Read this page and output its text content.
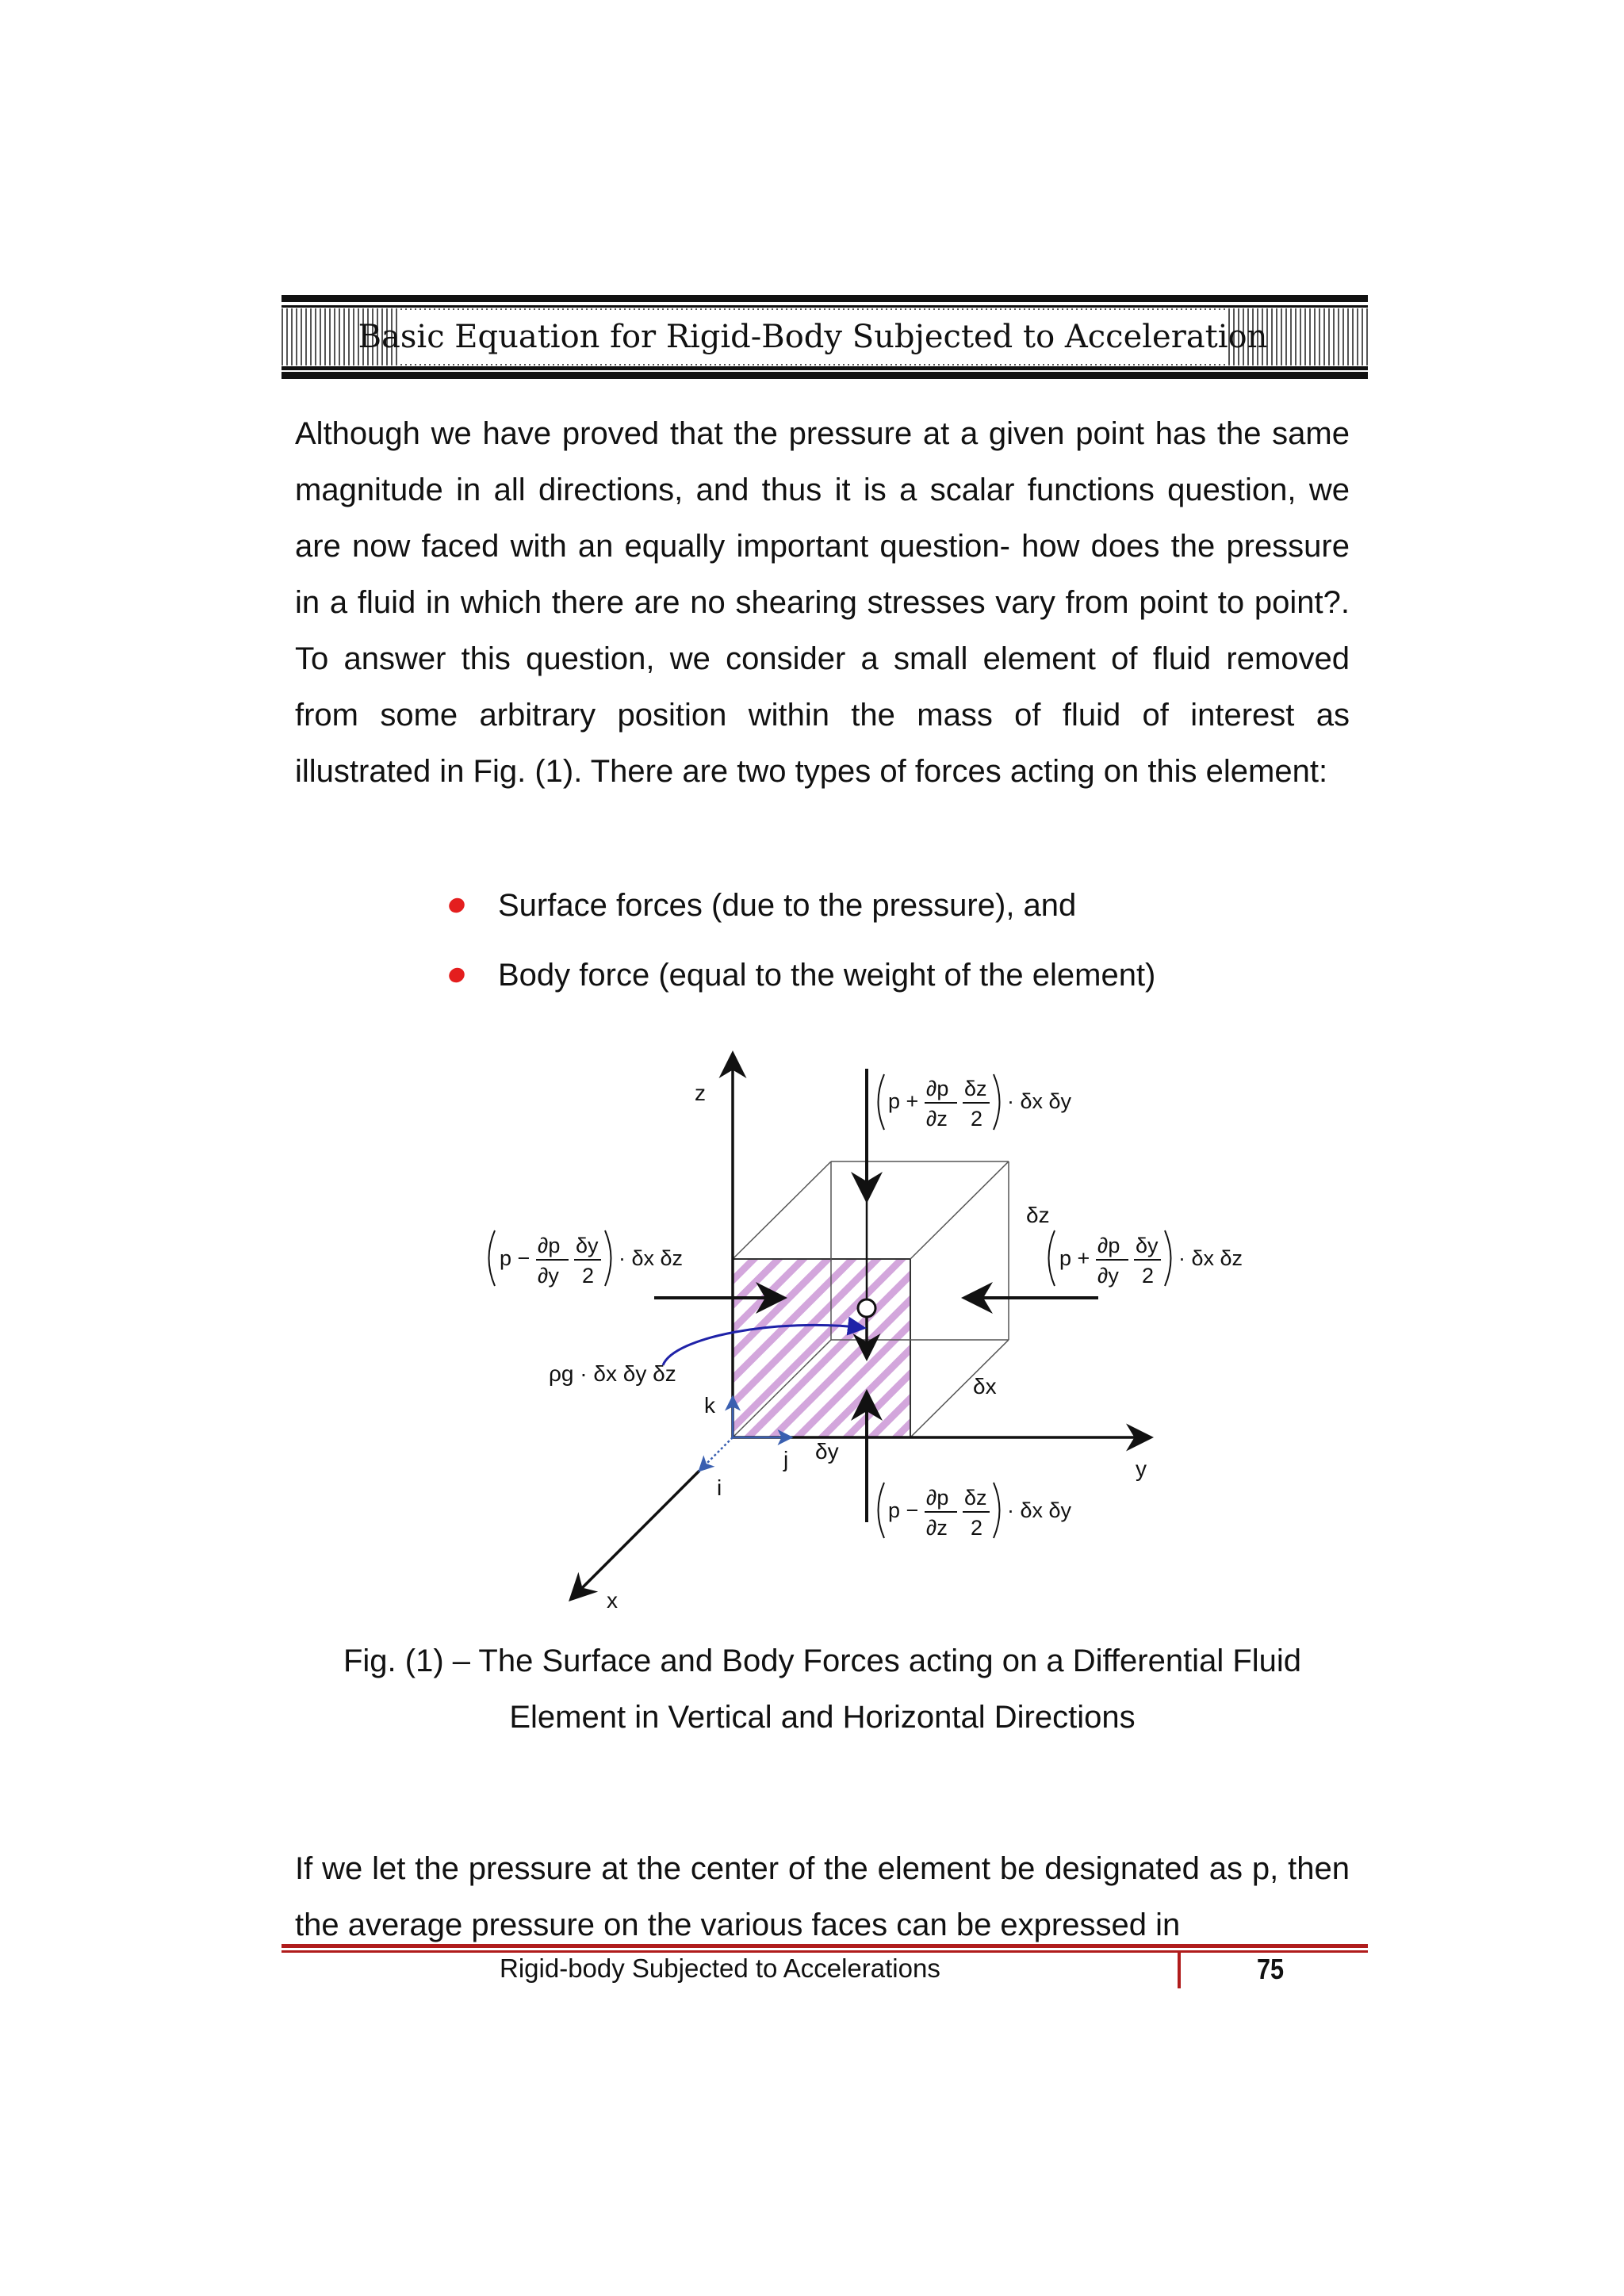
Basic Equation for Rigid-Body Subjected to Acceleration

Although we have proved that the pressure at a given point has the same magnitude in all directions, and thus it is a scalar functions question, we are now faced with an equally important question- how does the pressure in a fluid in which there are no shearing stresses vary from point to point?. To answer this question, we consider a small element of fluid removed from some arbitrary position within the mass of fluid of interest as illustrated in Fig. (1). There are two types of forces acting on this element:

Surface forces (due to the pressure), and
Body force (equal to the weight of the element)
z
y
x
k
j
i
δz
δx
δy
ρg · δx δy δz
p +
∂p
∂z
δz
2
· δx δy
p −
∂p
∂z
δz
2
· δx δy
p −
∂p
∂y
δy
2
· δx δz	p +
∂p
∂y
δy
2
· δx δz
Fig. (1) – The Surface and Body Forces acting on a Differential Fluid
Element in Vertical and Horizontal Directions

If we let the pressure at the center of the element be designated as p, then the average pressure on the various faces can be expressed in

Rigid-body Subjected to Accelerations	75
